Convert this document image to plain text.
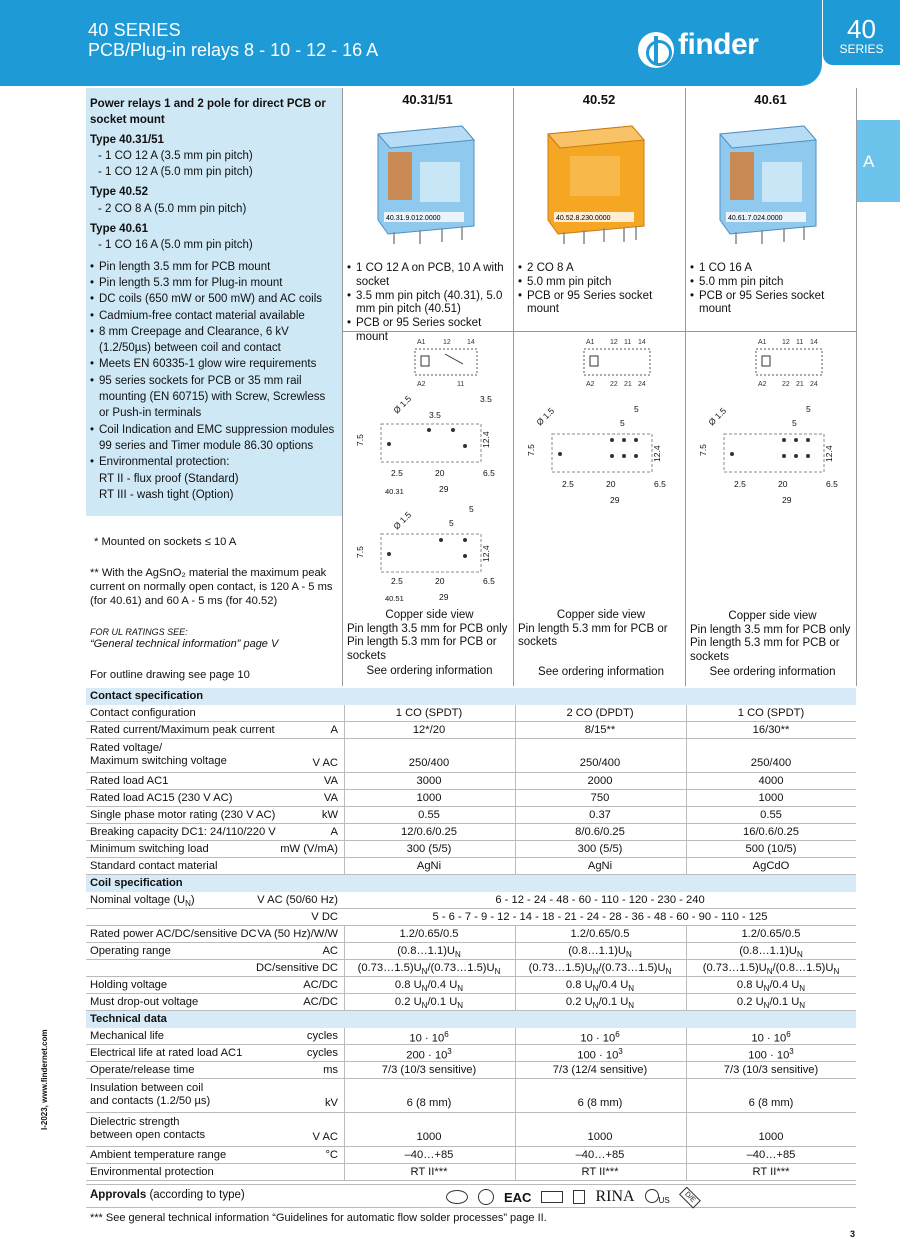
40 SERIES
PCB/Plug-in relays 8 - 10 - 12 - 16 A	finder	40
SERIES
A
Power relays 1 and 2 pole for direct PCB or socket mount
Type 40.31/51
- 1 CO 12 A (3.5 mm pin pitch)
- 1 CO 12 A (5.0 mm pin pitch)
Type 40.52
- 2 CO 8 A (5.0 mm pin pitch)
Type 40.61
- 1 CO 16 A (5.0 mm pin pitch)
• Pin length 3.5 mm for PCB mount
• Pin length 5.3 mm for Plug-in mount
• DC coils (650 mW or 500 mW) and AC coils
• Cadmium-free contact material available
• 8 mm Creepage and Clearance, 6 kV (1.2/50µs) between coil and contact
• Meets EN 60335-1 glow wire requirements
• 95 series sockets for PCB or 35 mm rail mounting (EN 60715) with Screw, Screwless or Push-in terminals
• Coil Indication and EMC suppression modules 99 series and Timer module 86.30 options
• Environmental protection:
RT II - flux proof (Standard)
RT III - wash tight (Option)
* Mounted on sockets ≤ 10 A
** With the AgSnO₂ material the maximum peak current on normally open contact, is 120 A - 5 ms (for 40.61) and 60 A - 5 ms (for 40.52)
FOR UL RATINGS SEE:
“General technical information” page V
For outline drawing see page 10
40.31/51	40.52	40.61
40.31.9.012.0000	40.52.8.230.0000	40.61.7.024.0000
• 1 CO 12 A on PCB, 10 A with socket
• 3.5 mm pin pitch (40.31), 5.0 mm pin pitch (40.51)
• PCB or 95 Series socket mount
• 2 CO 8 A
• 5.0 mm pin pitch
• PCB or 95 Series socket mount
• 1 CO 16 A
• 5.0 mm pin pitch
• PCB or 95 Series socket mount
A1 12 14
A2	11
Ø 1.5 3.5
3.5
12.4
7.5
2.5	20	6.5
29
40.31
Ø 1.5	5
5
12.4
7.5
2.5	20	6.5
29
40.51
A1 12 11 14
A2 22 21 24
Ø 1.5	5
5
12.4
7.5
2.5	20	6.5
29
A1 12 11 14
A2 22 21 24
Ø 1.5	5
5
12.4
7.5
2.5	20	6.5
29
Copper side view
Pin length 3.5 mm for PCB only
Pin length 5.3 mm for PCB or sockets
See ordering information
Copper side view
Pin length 5.3 mm for PCB or sockets
See ordering information
Copper side view
Pin length 3.5 mm for PCB only
Pin length 5.3 mm for PCB or sockets
See ordering information
Contact specification
Contact configuration	1 CO (SPDT)	2 CO (DPDT)	1 CO (SPDT)
Rated current/Maximum peak current	A	12*/20	8/15**	16/30**
Rated voltage/
Maximum switching voltage	V AC	250/400	250/400	250/400
Rated load AC1	VA	3000	2000	4000
Rated load AC15 (230 V AC)	VA	1000	750	1000
Single phase motor rating (230 V AC)	kW	0.55	0.37	0.55
Breaking capacity DC1: 24/110/220 V	A	12/0.6/0.25	8/0.6/0.25	16/0.6/0.25
Minimum switching load	mW (V/mA)	300 (5/5)	300 (5/5)	500 (10/5)
Standard contact material	AgNi	AgNi	AgCdO
Coil specification
Nominal voltage $(U_N)$	V AC (50/60 Hz)	6 - 12 - 24 - 48 - 60 - 110 - 120 - 230 - 240
V DC	5 - 6 - 7 - 9 - 12 - 14 - 18 - 21 - 24 - 28 - 36 - 48 - 60 - 90 - 110 - 125
Rated power AC/DC/sensitive DC VA (50 Hz)/W/W	1.2/0.65/0.5	1.2/0.65/0.5	1.2/0.65/0.5
Operating range	AC	$(0.8\dots 1.1)U_N$	$(0.8\dots 1.1)U_N$	$(0.8\dots 1.1)U_N$
DC/sensitive DC	$(0.73\dots 1.5)U_N/(0.73\dots 1.5)U_N$	$(0.73\dots 1.5)U_N/(0.73\dots 1.5)U_N$	$(0.73\dots 1.5)U_N/(0.8\dots 1.5)U_N$
Holding voltage	AC/DC	0.8 $U_N/0.4$ $U_N$	0.8 $U_N/0.4$ $U_N$	0.8 $U_N/0.4$ $U_N$
Must drop-out voltage	AC/DC	0.2 $U_N/0.1$ $U_N$	0.2 $U_N/0.1$ $U_N$	0.2 $U_N/0.1$ $U_N$
Technical data
Mechanical life	cycles	$10 \cdot 10^6$	$10 \cdot 10^6$	$10 \cdot 10^6$
Electrical life at rated load AC1	cycles	$200 \cdot 10^3$	$100 \cdot 10^3$	$100 \cdot 10^3$
Operate/release time	ms	7/3 (10/3 sensitive)	7/3 (12/4 sensitive)	7/3 (10/3 sensitive)
Insulation between coil
and contacts (1.2/50 µs)	kV	6 (8 mm)	6 (8 mm)	6 (8 mm)
Dielectric strength
between open contacts	V AC	1000	1000	1000
Ambient temperature range	°C	–40…+85	–40…+85	–40…+85
Environmental protection	RT II***	RT II***	RT II***
Approvals (according to type)	EAC	RINA	US	D/E
*** See general technical information “Guidelines for automatic flow solder processes” page II.
3
I-2023, www.findernet.com
